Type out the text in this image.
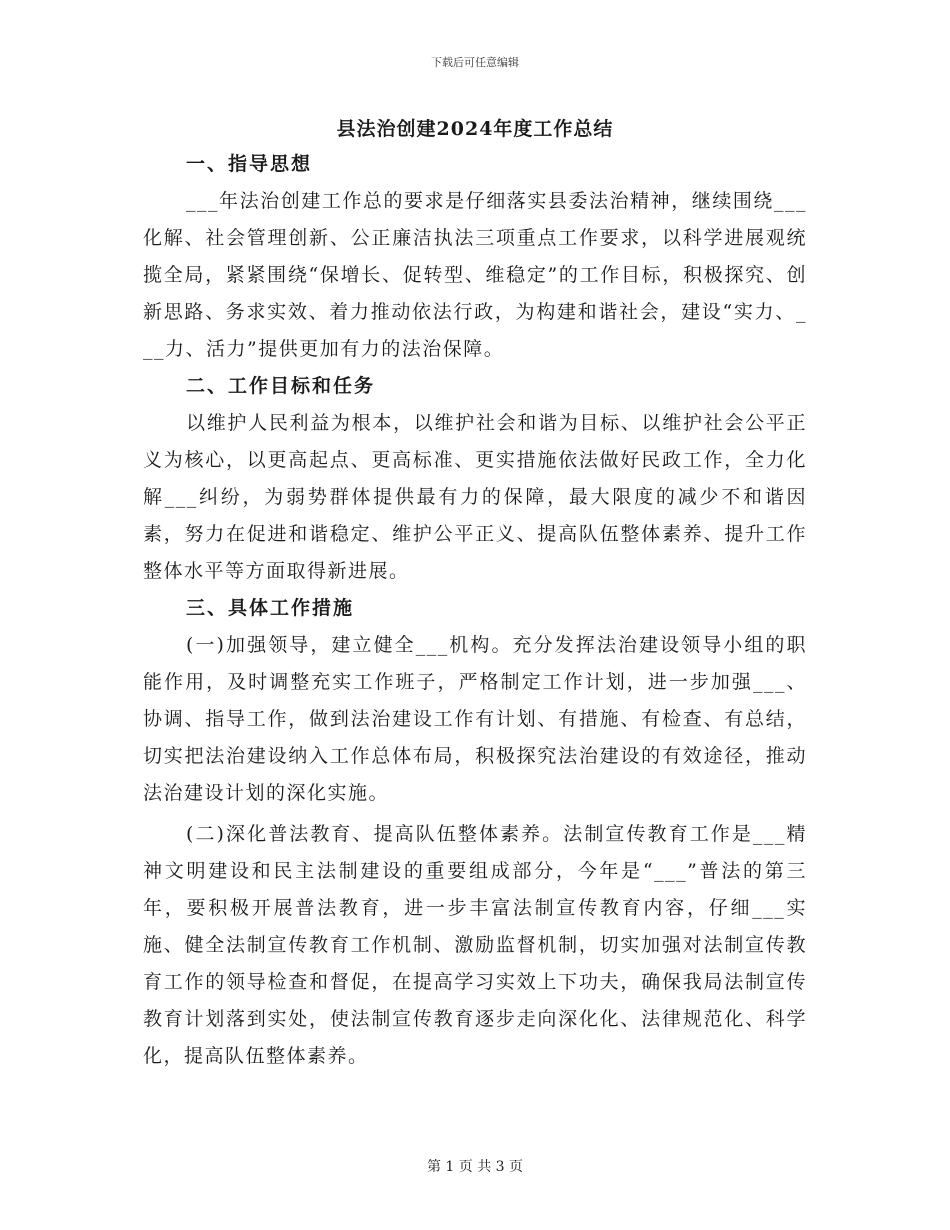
下载后可任意编辑
县法治创建2024年度工作总结

一、指导思想

___年法治创建工作总的要求是仔细落实县委法治精神，继续围绕___化解、社会管理创新、公正廉洁执法三项重点工作要求，以科学进展观统揽全局，紧紧围绕“保增长、促转型、维稳定”的工作目标，积极探究、创新思路、务求实效、着力推动依法行政，为构建和谐社会，建设“实力、___力、活力”提供更加有力的法治保障。

二、工作目标和任务

以维护人民利益为根本，以维护社会和谐为目标、以维护社会公平正义为核心，以更高起点、更高标准、更实措施依法做好民政工作，全力化解___纠纷，为弱势群体提供最有力的保障，最大限度的减少不和谐因素，努力在促进和谐稳定、维护公平正义、提高队伍整体素养、提升工作整体水平等方面取得新进展。

三、具体工作措施

(一)加强领导，建立健全___机构。充分发挥法治建设领导小组的职能作用，及时调整充实工作班子，严格制定工作计划，进一步加强___、协调、指导工作，做到法治建设工作有计划、有措施、有检查、有总结，切实把法治建设纳入工作总体布局，积极探究法治建设的有效途径，推动法治建设计划的深化实施。

(二)深化普法教育、提高队伍整体素养。法制宣传教育工作是___精神文明建设和民主法制建设的重要组成部分，今年是“___”普法的第三年，要积极开展普法教育，进一步丰富法制宣传教育内容，仔细___实施、健全法制宣传教育工作机制、激励监督机制，切实加强对法制宣传教育工作的领导检查和督促，在提高学习实效上下功夫，确保我局法制宣传教育计划落到实处，使法制宣传教育逐步走向深化化、法律规范化、科学化，提高队伍整体素养。

第 1 页 共 3 页
